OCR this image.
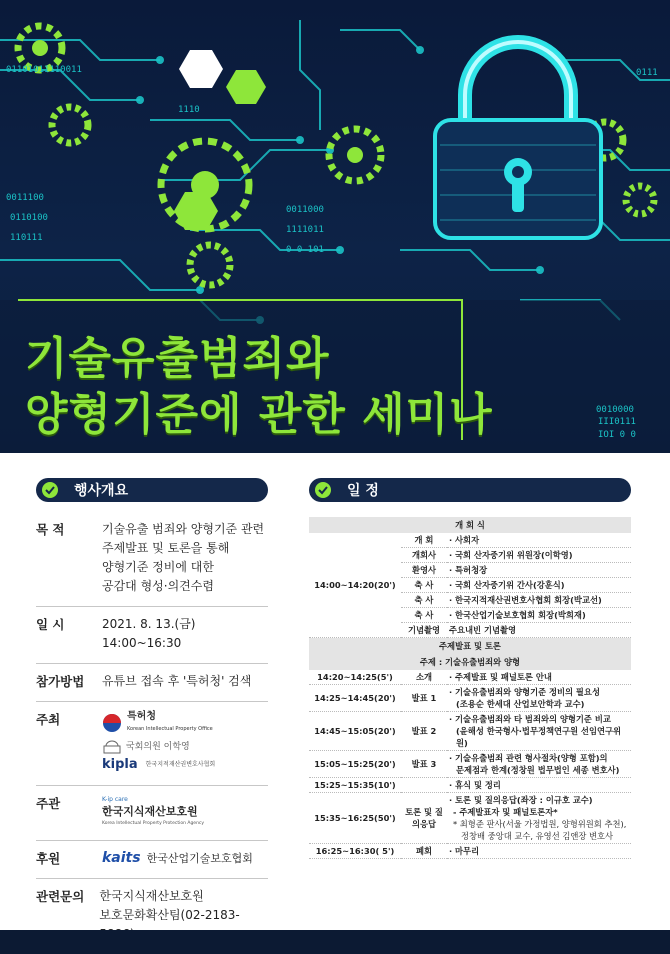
01101011110011
1110
0011100
1111011
0 0 101
0111
0110100
0011000
110111
0010000
III0111
IOI 0 0
기술유출범죄와
양형기준에 관한 세미나
행사개요	일 정
목 적	기술유출 범죄와 양형기준 관련
주제발표 및 토론을 통해
양형기준 정비에 대한
공감대 형성·의견수렴
일 시	2021. 8. 13.(금)
14:00~16:30
참가방법	유튜브 접속 후 '특허청' 검색
주최	특허청
Korean Intellectual Property Office
국회의원 이학영
kipla 한국지적재산권변호사협회
주관	K-ip care
한국지식재산보호원
Korea Intellectual Property Protection Agency
후원	kaits 한국산업기술보호협회
관련문의	한국지식재산보호원
보호문화확산팀(02-2183-
개 회 식		
14:00~14:20(20')	개 회	· 사회자
	개회사	· 국회 산자중기위 위원장(이학영)
	환영사	· 특허청장
	축 사	· 국회 산자중기위 간사(강훈식)
	축 사	· 한국지적재산권변호사협회 회장(박교선)
	축 사	· 한국산업기술보호협회 회장(박희재)
	기념촬영	주요내빈 기념촬영
주제발표 및 토론		
주제 : 기술유출범죄와 양형		
14:20~14:25(5')	소개	· 주제발표 및 패널토론 안내
14:25~14:45(20')	발표 1	· 기술유출범죄와 양형기준 정비의 필요성
(조용순 한세대 산업보안학과 교수)

14:45~15:05(20')	발표 2	· 기술유출범죄와 타 범죄와의 양형기준 비교
(윤해성 한국형사·법무정책연구원 선임연구위원)

15:05~15:25(20')	발표 3	· 기술유출범죄 관련 형사절차(양형 포함)의
문제점과 한계(정창원 법무법인 세종 변호사)

15:25~15:35(10')		· 휴식 및 정리
15:35~16:25(50')	토론 및 질의응답	· 토론 및 질의응답(좌장 : 이규호 교수)
- 주제발표자 및 패널토론자*
* 최형준 판사(서울 가정법원, 양형위원회 추천),
정창배 중앙대 교수, 유영선 김앤장 변호사

16:25~16:30( 5')	폐회	· 마무리
